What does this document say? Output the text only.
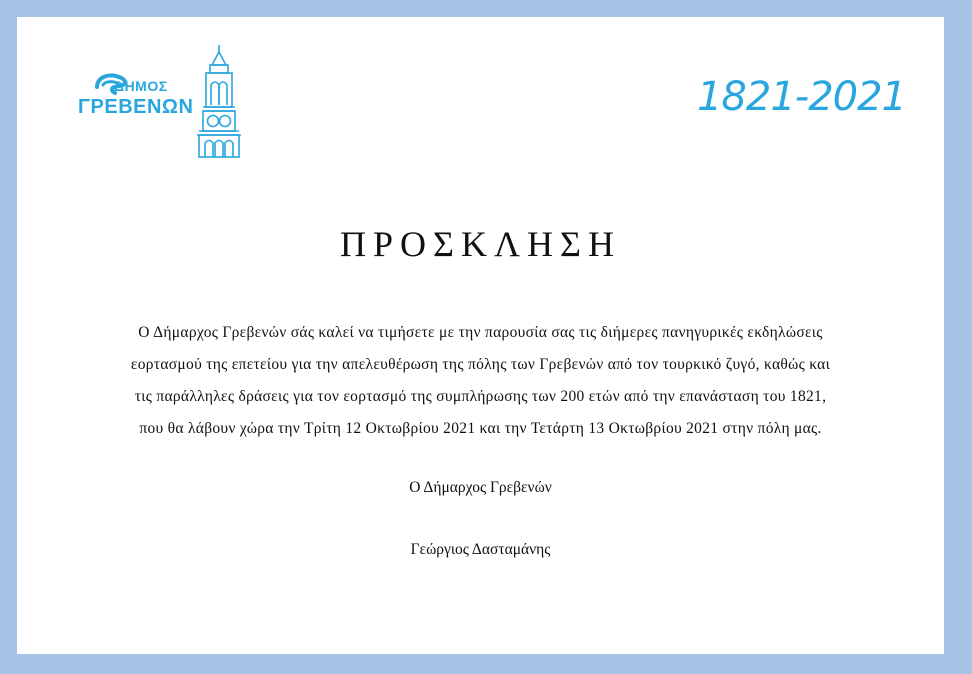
ΔΗΜΟΣ
ΓΡΕΒΕΝΩΝ	1821-2021
ΠΡΟΣΚΛΗΣΗ
Ο Δήμαρχος Γρεβενών σάς καλεί να τιμήσετε με την παρουσία σας τις διήμερες πανηγυρικές εκδηλώσεις
εορτασμού της επετείου για την απελευθέρωση της πόλης των Γρεβενών από τον τουρκικό ζυγό, καθώς και
τις παράλληλες δράσεις για τον εορτασμό της συμπλήρωσης των 200 ετών από την επανάσταση του 1821,
που θα λάβουν χώρα την Τρίτη 12 Οκτωβρίου 2021 και την Τετάρτη 13 Οκτωβρίου 2021 στην πόλη μας.
Ο Δήμαρχος Γρεβενών
Γεώργιος Δασταμάνης
